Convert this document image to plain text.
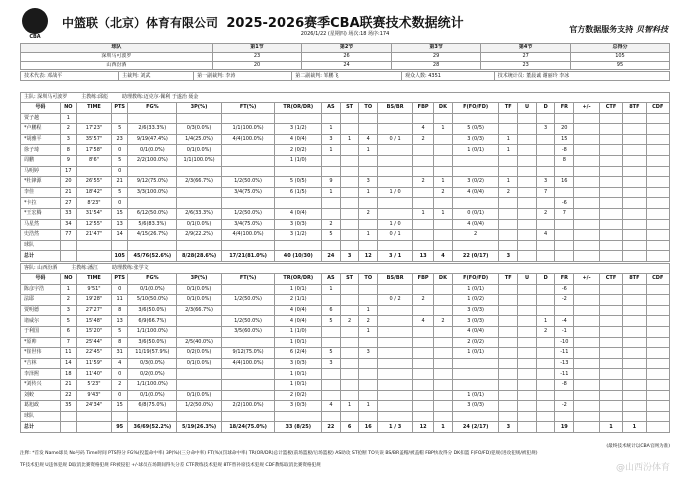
CBA
中篮联（北京）体育有限公司 2025-2026赛季CBA联赛技术数据统计
2026/1/22 (星期四) 场次:18 场序:174	官方数据服务支持 贝智科技
球队	第1节	第2节	第3节	第4节	总得分
深圳马可波罗	23	26	29	27	105
山西汾酒	20	24	28	23	95
技术代表: 邓战平	主裁判: 刘武	第一副裁判: 李涛	第二副裁判: 邹鹏飞	观众人数: 4351	技术统计员: 董晨诚 谢丽玲 李冰
主队: 深圳马可波罗 主教练:邱彪 助理教练:迈克尔·佩利 于遂治 聂金																						
号码	NO	TIME	PTS	FG%	3P(%)	FT(%)	TR(OR/DR)	AS	ST	TO	BS/BR	FBP	DK	F(FO/FD)	TF	U	D	FR	+/-	CTF	8TF	CDF
贾子越	1																					
*卢鹏程	2	17'23"	5	2/6(33.3%)	0/3(0.0%)	1/1(100.0%)	3 (1/2)	1				4	1	5 (0/5)			3	20				
*胡雅平	3	35'57"	23	9/19(47.4%)	1/4(25.0%)	4/4(100.0%)	4 (0/4)	3	1	4	0 / 1	2		3 (0/3)	1			15				
徐子琦	8	17'58"	0	0/1(0.0%)	0/1(0.0%)		2 (0/2)	1		1				1 (0/1)	1			-8				
周鹏	9	8'6"	5	2/2(100.0%)	1/1(100.0%)		1 (1/0)											8				
马明婷	17		0																			
*杜锋源	20	26'55"	21	9/12(75.0%)	2/3(66.7%)	1/2(50.0%)	5 (0/5)	9		3		2	1	3 (0/2)	1		3	16				
李佳	21	18'42"	5	3/3(100.0%)		3/4(75.0%)	6 (1/5)	1		1	1 / 0		2	4 (0/4)	2		7					
*卡拉	27	8'23"	0															-6				
*王宏腾	33	31'54"	15	6/12(50.0%)	2/6(33.3%)	1/2(50.0%)	4 (0/4)			2		1	1	0 (0/1)			2	7				
马星然	34	12'55"	13	5/6(83.3%)	0/1(0.0%)	3/4(75.0%)	3 (0/3)	2			1 / 0			4 (0/4)								
史浩然	77	21'47"	14	4/15(26.7%)	2/9(22.2%)	4/4(100.0%)	3 (1/2)	5		1	0 / 1			2			4					
球队																						
总计			105	45/76(52.6%)	8/28(28.6%)	17/21(81.0%)	40 (10/30)	24	3	12	3 / 1	13	4	22 (0/17)	3							
客队: 山西汾酒 主教练:潘江 助理教练:张学文																						
号码	NO	TIME	PTS	FG%	3P(%)	FT(%)	TR(OR/DR)	AS	ST	TO	BS/BR	FBP	DK	F(FO/FD)	TF	U	D	FR	+/-	CTF	8TF	CDF
陈彦宇浩	1	9'51"	0	0/1(0.0%)	0/1(0.0%)		1 (0/1)	1						1 (0/1)				-6				
法耶	2	19'28"	11	5/10(50.0%)	0/1(0.0%)	1/2(50.0%)	2 (1/1)				0 / 2	2		1 (0/2)				-2				
贾明德	3	27'27"	8	3/6(50.0%)	2/3(66.7%)		4 (0/4)	6		1				3 (0/3)								
诸威尔	5	15'48"	13	6/9(66.7%)		1/2(50.0%)	4 (0/4)	5	2	2		4	2	3 (0/3)			1	-4				
于利国	6	15'20"	5	1/1(100.0%)		3/5(60.0%)	1 (1/0)			1				4 (0/4)			2	-1				
*原帅	7	25'44"	8	3/6(50.0%)	2/5(40.0%)		1 (0/1)							2 (0/2)				-10				
*崔世伟	11	22'45"	31	11/19(57.9%)	0/2(0.0%)	9/12(75.0%)	6 (2/4)	5		3				1 (0/1)				-11				
*吉林	14	11'59"	4	0/3(0.0%)	0/1(0.0%)	4/4(100.0%)	3 (0/3)	3										-13				
李泽熙	18	11'40"	0	0/2(0.0%)			1 (0/1)											-11				
*刘传兴	21	5'23"	2	1/1(100.0%)			1 (0/1)											-8				
刘蛟	22	9'43"	0	0/1(0.0%)	0/1(0.0%)		2 (0/2)							1 (0/1)								
葛旭政	35	24'34"	15	6/8(75.0%)	1/2(50.0%)	2/2(100.0%)	3 (0/3)	4	1	1				3 (0/3)				-2				
球队																						
总计			95	36/69(52.2%)	5/19(26.3%)	18/24(75.0%)	33 (8/25)	22	6	16	1 / 3	12	1	24 (2/17)	3			19		1	1	
(最终技术统计以CBA官网为准)
注释: *首发 Name球员 No号码 Time时间 PTS得分 FG%(投篮命中率) 3P(%)(三分命中率) FT(%)(罚球命中率) TR(OR/DR)总计篮板(前场篮板/后场篮板) AS助攻 ST抢断 TO失误 BS/BR盖帽/被盖帽 FBP快攻得分 DK扣篮 F(FO/FD)犯规(进攻犯规/被犯规)
TF技术犯规 U违体犯规 D取消比赛资格犯规 FR被侵犯 +/-球员在场期间得失分差 CTF教练技术犯规 8TF替补席技术犯规 CDF教练取消比赛资格犯规	@山西汾体育
